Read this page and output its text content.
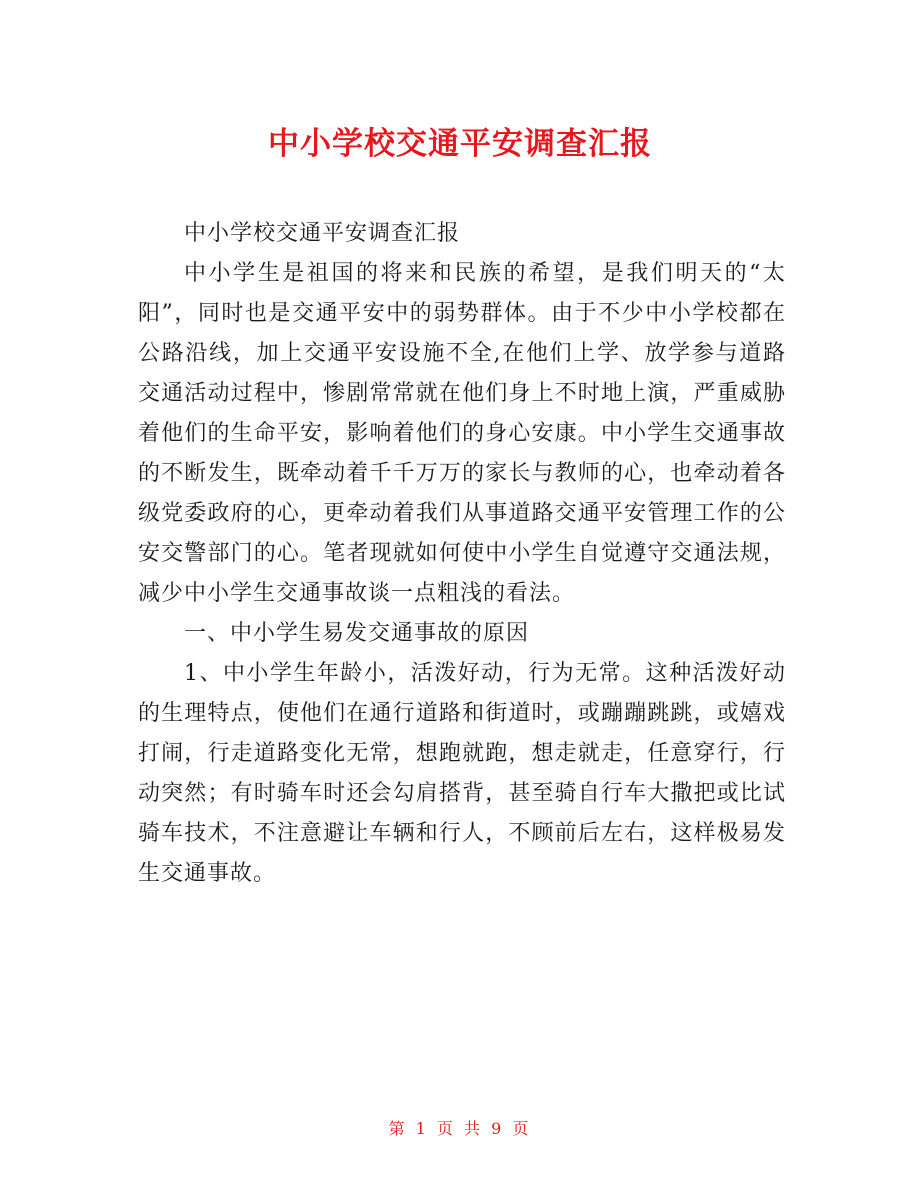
中小学校交通平安调查汇报

中小学校交通平安调查汇报

中小学生是祖国的将来和民族的希望，是我们明天的“太阳”，同时也是交通平安中的弱势群体。由于不少中小学校都在公路沿线，加上交通平安设施不全,在他们上学、放学参与道路交通活动过程中，惨剧常常就在他们身上不时地上演，严重威胁着他们的生命平安，影响着他们的身心安康。中小学生交通事故的不断发生，既牵动着千千万万的家长与教师的心，也牵动着各级党委政府的心，更牵动着我们从事道路交通平安管理工作的公安交警部门的心。笔者现就如何使中小学生自觉遵守交通法规，减少中小学生交通事故谈一点粗浅的看法。

一、中小学生易发交通事故的原因

1、中小学生年龄小，活泼好动，行为无常。这种活泼好动的生理特点，使他们在通行道路和街道时，或蹦蹦跳跳，或嬉戏打闹，行走道路变化无常，想跑就跑，想走就走，任意穿行，行动突然；有时骑车时还会勾肩搭背，甚至骑自行车大撒把或比试骑车技术，不注意避让车辆和行人，不顾前后左右，这样极易发生交通事故。

第 1 页 共 9 页
